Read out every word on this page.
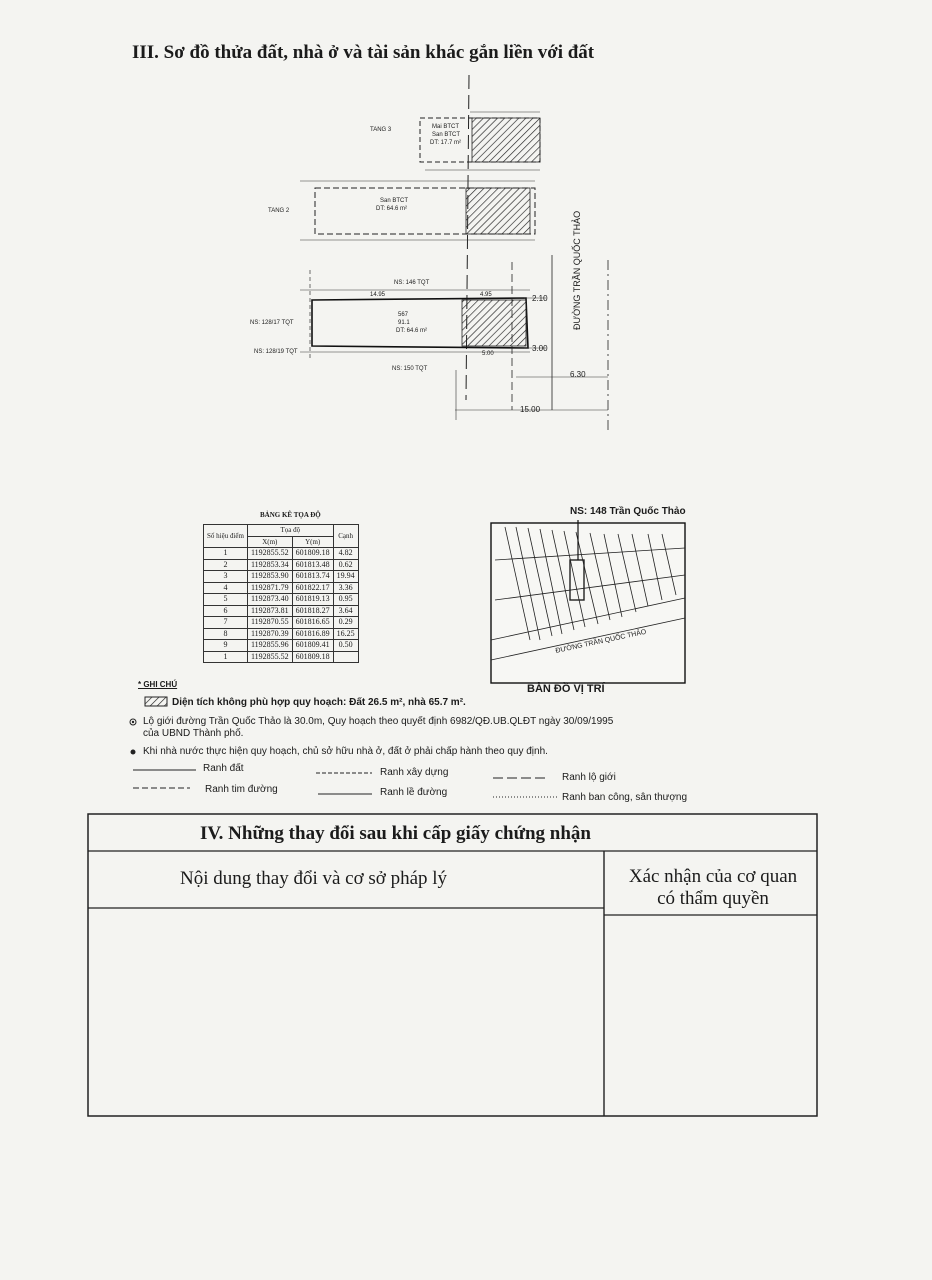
III. Sơ đồ thửa đất, nhà ở và tài sản khác gắn liền với đất
TANG 3	Mai BTCT
San BTCT
DT: 17.7 m²
TANG 2
San BTCT
DT: 64.6 m²
NS: 146 TQT
NS: 128/17 TQT
NS: 128/19 TQT
NS: 150 TQT
567
91.1
DT: 64.6 m²
14.95	4.95
5.00
2.10
3.00
6.30
15.00
ĐƯỜNG TRẦN QUỐC THẢO
BẢNG KÊ TỌA ĐỘ
Số hiệu điểm	Tọa độ		Cạnh
	X(m)	Y(m)	
1	1192855.52	601809.18	4.82
2	1192853.34	601813.48	0.62
3	1192853.90	601813.74	19.94
4	1192871.79	601822.17	3.36
5	1192873.40	601819.13	0.95
6	1192873.81	601818.27	3.64
7	1192870.55	601816.65	0.29
8	1192870.39	601816.89	16.25
9	1192855.96	601809.41	0.50
1	1192855.52	601809.18	
NS: 148 Trần Quốc Thảo
ĐƯỜNG TRẦN QUỐC THẢO
BẢN ĐỒ VỊ TRÍ
* GHI CHÚ
Diện tích không phù hợp quy hoạch: Đất 26.5 m², nhà 65.7 m².
Lộ giới đường Trần Quốc Thảo là 30.0m, Quy hoạch theo quyết định 6982/QĐ.UB.QLĐT ngày 30/09/1995
của UBND Thành phố.
Khi nhà nước thực hiện quy hoạch, chủ sở hữu nhà ở, đất ở phải chấp hành theo quy định.
Ranh đất	Ranh xây dựng	Ranh lộ giới
Ranh tim đường	Ranh lề đường	Ranh ban công, sân thượng
IV. Những thay đổi sau khi cấp giấy chứng nhận
Nội dung thay đổi và cơ sở pháp lý	Xác nhận của cơ quan
có thẩm quyền
